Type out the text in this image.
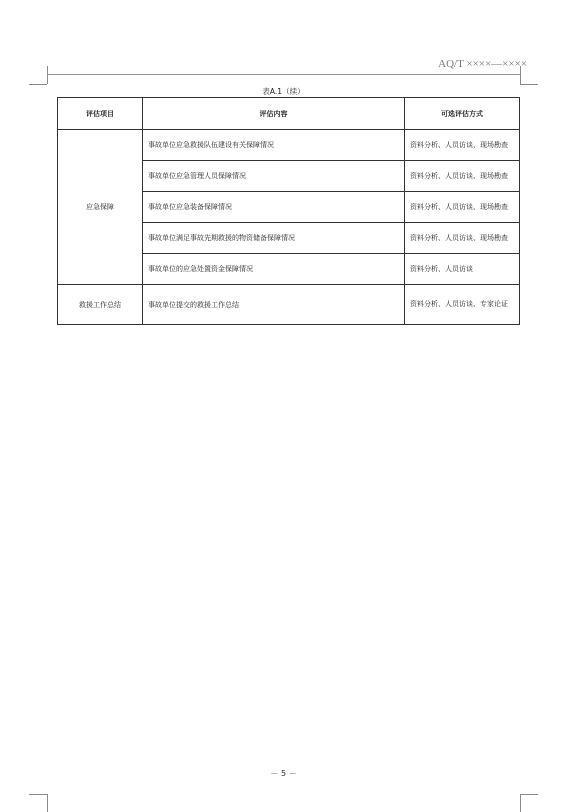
AQ/T ××××—××××
表A.1（续）
评估项目	评估内容	可选评估方式
应急保障	事故单位应急救援队伍建设有关保障情况	资料分析、人员访谈、现场勘查
	事故单位应急管理人员保障情况	资料分析、人员访谈、现场勘查
	事故单位应急装备保障情况	资料分析、人员访谈、现场勘查
	事故单位满足事故先期救援的物资储备保障情况	资料分析、人员访谈、现场勘查
	事故单位的应急处置资金保障情况	资料分析、人员访谈
救援工作总结	事故单位提交的救援工作总结	资料分析、人员访谈、专家论证
－ 5 －
